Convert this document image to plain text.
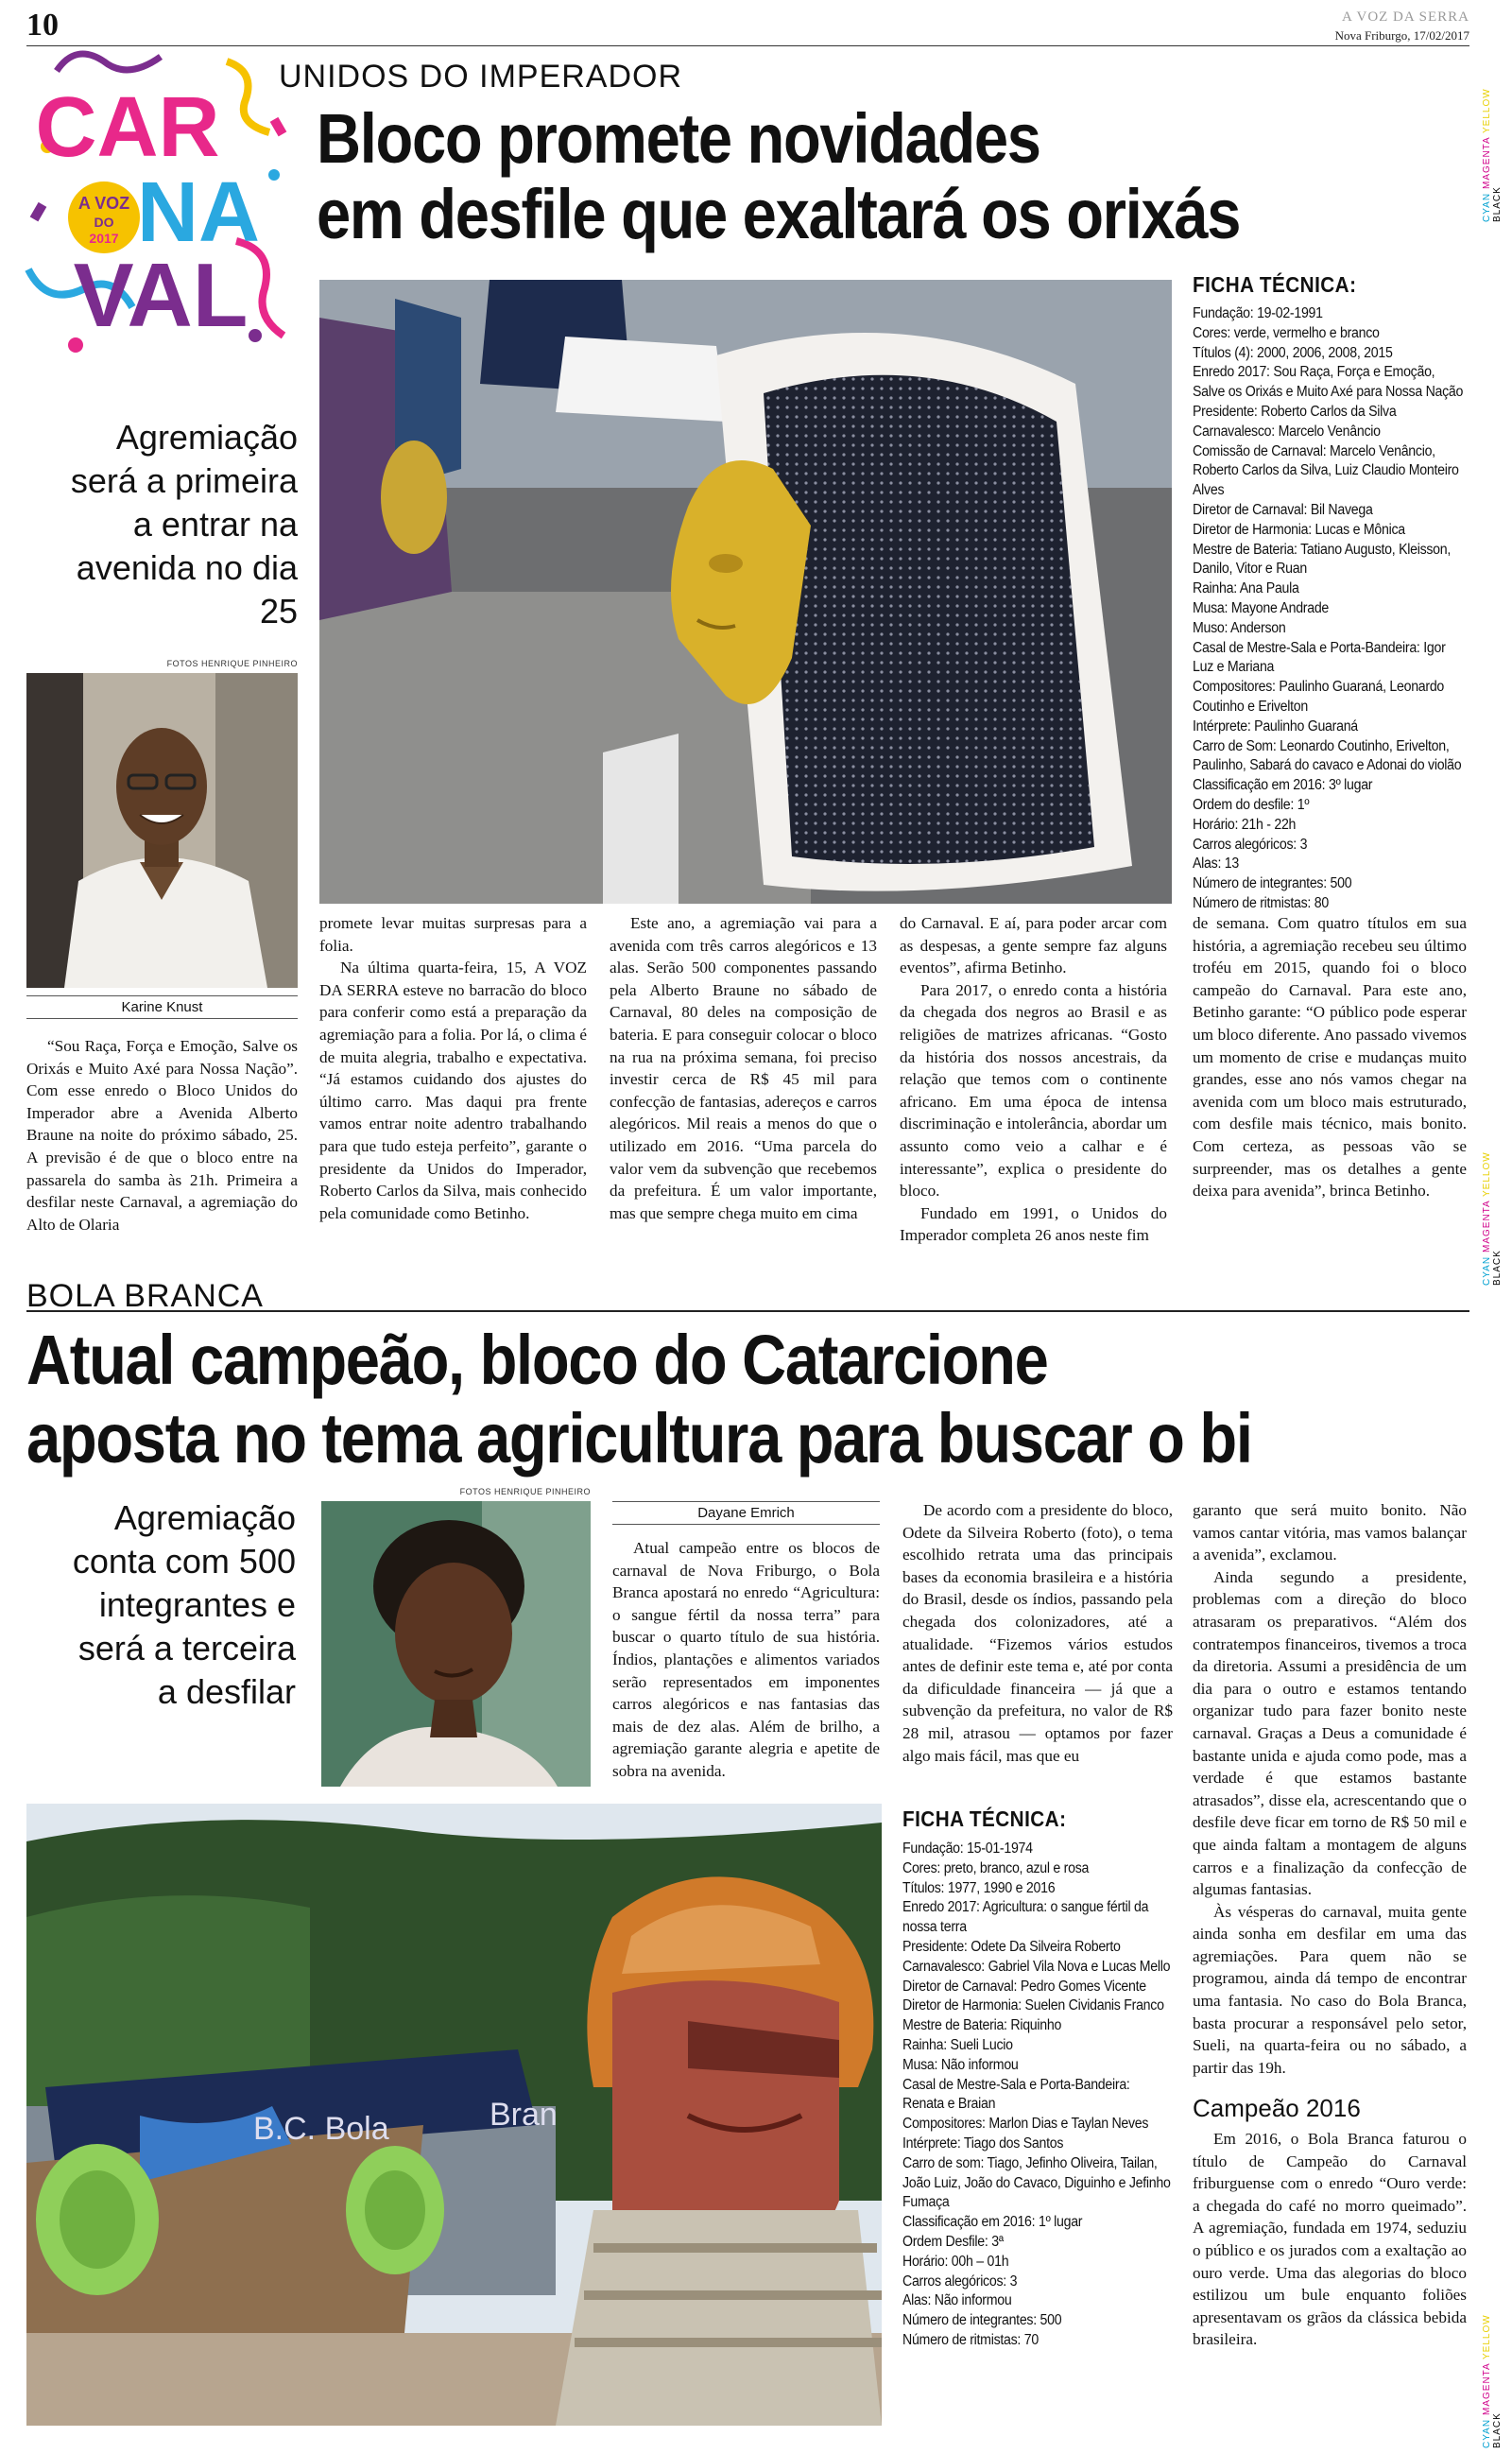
10	A VOZ DA SERRA
Nova Friburgo, 17/02/2017
CYAN MAGENTA YELLOW BLACK
CYAN MAGENTA YELLOW BLACK
CYAN MAGENTA YELLOW BLACK
CAR
A VOZ
DO
2017 NA
VAL
UNIDOS DO IMPERADOR
Bloco promete novidades
em desfile que exaltará os orixás
Agremiação será a primeira a entrar na avenida no dia 25
FOTOS HENRIQUE PINHEIRO
Karine Knust

“Sou Raça, Força e Emoção, Salve os Orixás e Muito Axé para Nossa Nação”. Com esse enredo o Bloco Unidos do Imperador abre a Avenida Alberto Braune na noite do próximo sábado, 25. A previsão é de que o bloco entre na passarela do samba às 21h. Primeira a desfilar neste Carnaval, a agremiação do Alto de Olaria

promete levar muitas surpresas para a folia.

Na última quarta-feira, 15, A VOZ DA SERRA esteve no barracão do bloco para conferir como está a preparação da agremiação para a folia. Por lá, o clima é de muita alegria, trabalho e expectativa. “Já estamos cuidando dos ajustes do último carro. Mas daqui pra frente vamos entrar noite adentro trabalhando para que tudo esteja perfeito”, garante o presidente da Unidos do Imperador, Roberto Carlos da Silva, mais conhecido pela comunidade como Betinho.

Este ano, a agremiação vai para a avenida com três carros alegóricos e 13 alas. Serão 500 componentes passando pela Alberto Braune no sábado de Carnaval, 80 deles na composição de bateria. E para conseguir colocar o bloco na rua na próxima semana, foi preciso investir cerca de R$ 45 mil para confecção de fantasias, adereços e carros alegóricos. Mil reais a menos do que o utilizado em 2016. “Uma parcela do valor vem da subvenção que recebemos da prefeitura. É um valor importante, mas que sempre chega muito em cima

do Carnaval. E aí, para poder arcar com as despesas, a gente sempre faz alguns eventos”, afirma Betinho.

Para 2017, o enredo conta a história da chegada dos negros ao Brasil e as religiões de matrizes africanas. “Gosto da história dos nossos ancestrais, da relação que temos com o continente africano. Em uma época de intensa discriminação e intolerância, abordar um assunto como veio a calhar e é interessante”, explica o presidente do bloco.

Fundado em 1991, o Unidos do Imperador completa 26 anos neste fim

FICHA TÉCNICA:
Fundação: 19-02-1991
Cores: verde, vermelho e branco
Títulos (4): 2000, 2006, 2008, 2015
Enredo 2017: Sou Raça, Força e Emoção, Salve os Orixás e Muito Axé para Nossa Nação
Presidente: Roberto Carlos da Silva
Carnavalesco: Marcelo Venâncio
Comissão de Carnaval: Marcelo Venâncio, Roberto Carlos da Silva, Luiz Claudio Monteiro Alves
Diretor de Carnaval: Bil Navega
Diretor de Harmonia: Lucas e Mônica
Mestre de Bateria: Tatiano Augusto, Kleisson, Danilo, Vitor e Ruan
Rainha: Ana Paula
Musa: Mayone Andrade
Muso: Anderson
Casal de Mestre-Sala e Porta-Bandeira: Igor Luz e Mariana
Compositores: Paulinho Guaraná, Leonardo Coutinho e Erivelton
Intérprete: Paulinho Guaraná
Carro de Som: Leonardo Coutinho, Erivelton, Paulinho, Sabará do cavaco e Adonai do violão
Classificação em 2016: 3º lugar
Ordem do desfile: 1º
Horário: 21h - 22h
Carros alegóricos: 3
Alas: 13
Número de integrantes: 500
Número de ritmistas: 80

de semana. Com quatro títulos em sua história, a agremiação recebeu seu último troféu em 2015, quando foi o bloco campeão do Carnaval. Para este ano, Betinho garante: “O público pode esperar um bloco diferente. Ano passado vivemos um momento de crise e mudanças muito grandes, esse ano nós vamos chegar na avenida com um bloco mais estruturado, com desfile mais técnico, mais bonito. Com certeza, as pessoas vão se surpreender, mas os detalhes a gente deixa para avenida”, brinca Betinho.

BOLA BRANCA
Atual campeão, bloco do Catarcione
aposta no tema agricultura para buscar o bi
Agremiação conta com 500 integrantes e será a terceira a desfilar
FOTOS HENRIQUE PINHEIRO
Dayane Emrich

Atual campeão entre os blocos de carnaval de Nova Friburgo, o Bola Branca apostará no enredo “Agricultura: o sangue fértil da nossa terra” para buscar o quarto título de sua história. Índios, plantações e alimentos variados serão representados em imponentes carros alegóricos e nas fantasias das mais de dez alas. Além de brilho, a agremiação garante alegria e apetite de sobra na avenida.

De acordo com a presidente do bloco, Odete da Silveira Roberto (foto), o tema escolhido retrata uma das principais bases da economia brasileira e a história do Brasil, desde os índios, passando pela chegada dos colonizadores, até a atualidade. “Fizemos vários estudos antes de definir este tema e, até por conta da dificuldade financeira — já que a subvenção da prefeitura, no valor de R$ 28 mil, atrasou — optamos por fazer algo mais fácil, mas que eu

B.C. Bola	Bran
FICHA TÉCNICA:
Fundação: 15-01-1974
Cores: preto, branco, azul e rosa
Títulos: 1977, 1990 e 2016
Enredo 2017: Agricultura: o sangue fértil da nossa terra
Presidente: Odete Da Silveira Roberto
Carnavalesco: Gabriel Vila Nova e Lucas Mello
Diretor de Carnaval: Pedro Gomes Vicente
Diretor de Harmonia: Suelen Cividanis Franco
Mestre de Bateria: Riquinho
Rainha: Sueli Lucio
Musa: Não informou
Casal de Mestre-Sala e Porta-Bandeira: Renata e Braian
Compositores: Marlon Dias e Taylan Neves
Intérprete: Tiago dos Santos
Carro de som: Tiago, Jefinho Oliveira, Tailan, João Luiz, João do Cavaco, Diguinho e Jefinho Fumaça
Classificação em 2016: 1º lugar
Ordem Desfile: 3ª
Horário: 00h – 01h
Carros alegóricos: 3
Alas: Não informou
Número de integrantes: 500
Número de ritmistas: 70

garanto que será muito bonito. Não vamos cantar vitória, mas vamos balançar a avenida”, exclamou.

Ainda segundo a presidente, problemas com a direção do bloco atrasaram os preparativos. “Além dos contratempos financeiros, tivemos a troca da diretoria. Assumi a presidência de um dia para o outro e estamos tentando organizar tudo para fazer bonito neste carnaval. Graças a Deus a comunidade é bastante unida e ajuda como pode, mas a verdade é que estamos bastante atrasados”, disse ela, acrescentando que o desfile deve ficar em torno de R$ 50 mil e que ainda faltam a montagem de alguns carros e a finalização da confecção de algumas fantasias.

Às vésperas do carnaval, muita gente ainda sonha em desfilar em uma das agremiações. Para quem não se programou, ainda dá tempo de encontrar uma fantasia. No caso do Bola Branca, basta procurar a responsável pelo setor, Sueli, na quarta-feira ou no sábado, a partir das 19h.

Campeão 2016

Em 2016, o Bola Branca faturou o título de Campeão do Carnaval friburguense com o enredo “Ouro verde: a chegada do café no morro queimado”. A agremiação, fundada em 1974, seduziu o público e os jurados com a exaltação ao ouro verde. Uma das alegorias do bloco estilizou um bule enquanto foliões apresentavam os grãos da clássica bebida brasileira.
